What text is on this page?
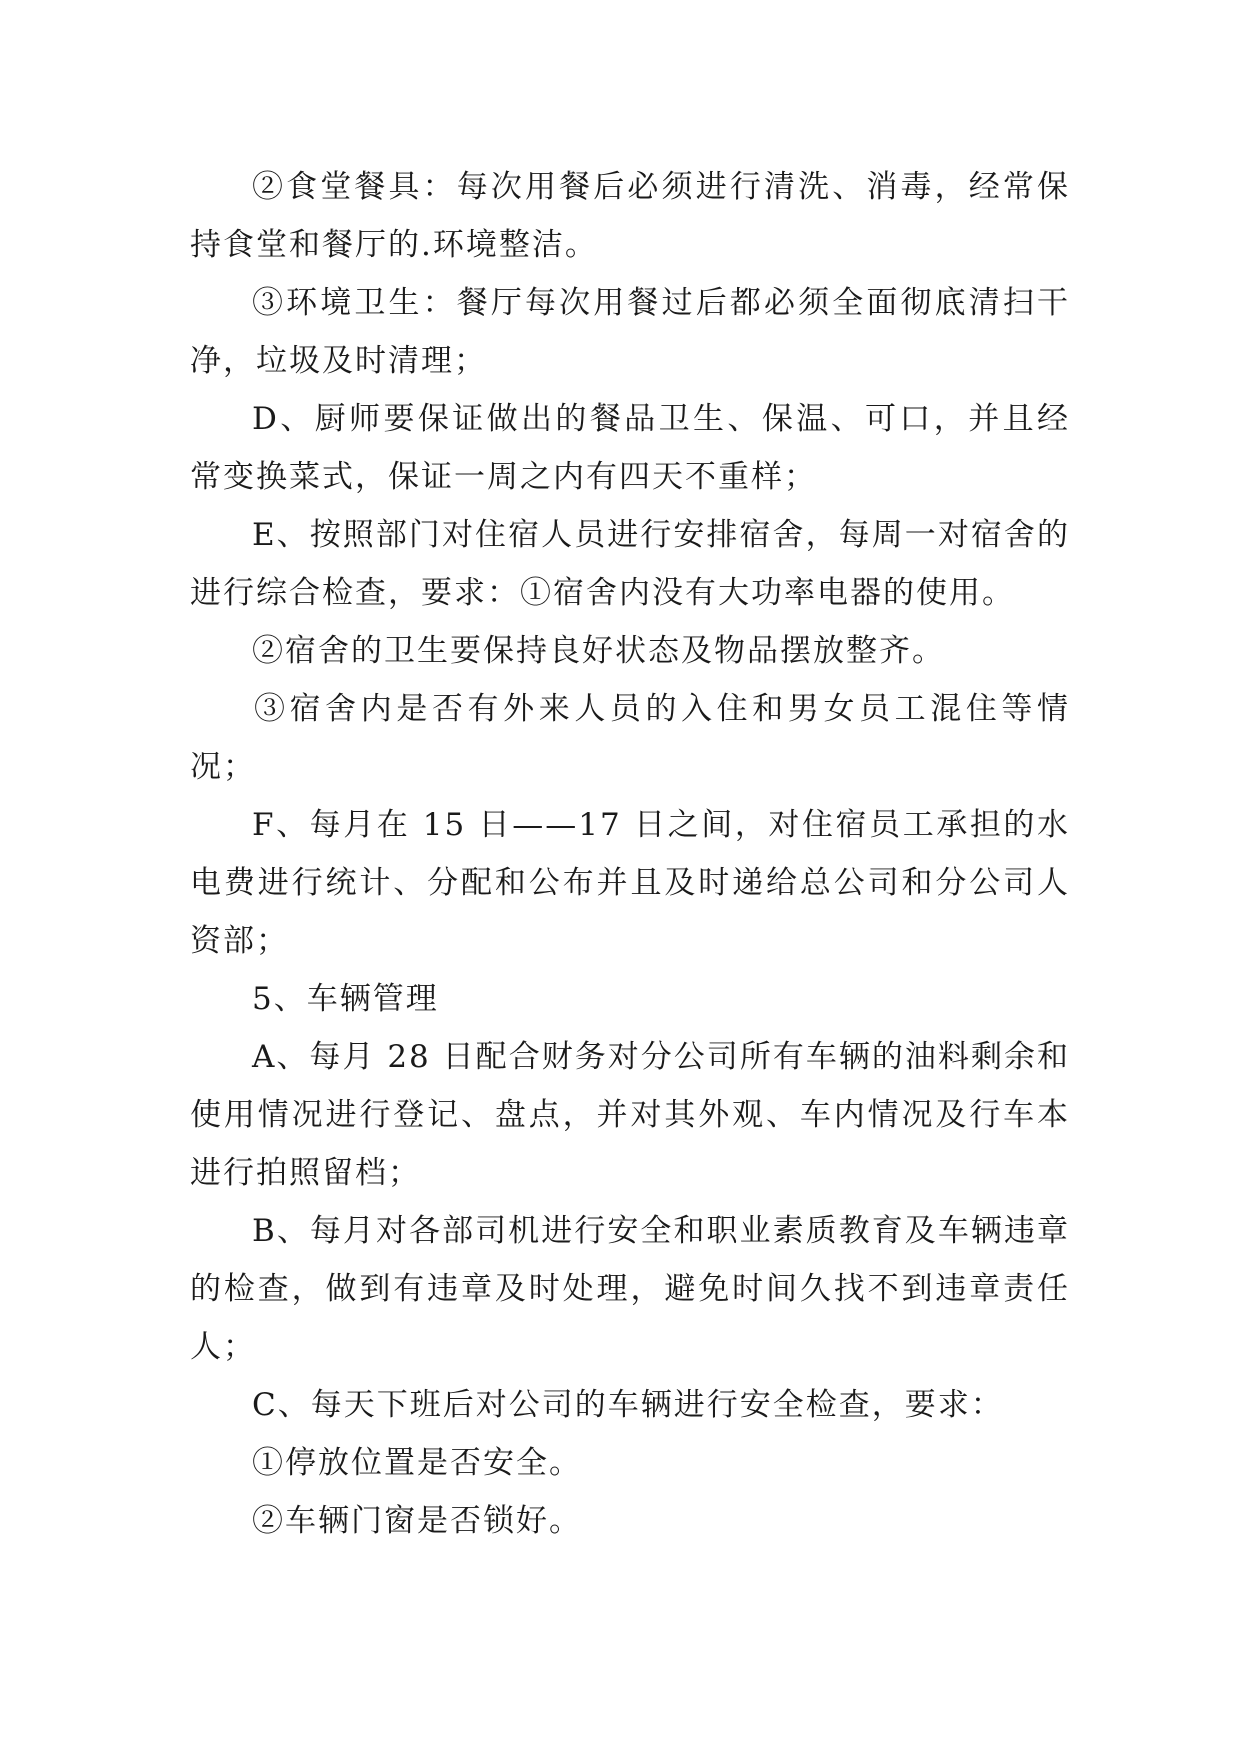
②食堂餐具：每次用餐后必须进行清洗、消毒，经常保持食堂和餐厅的.环境整洁。

③环境卫生：餐厅每次用餐过后都必须全面彻底清扫干净，垃圾及时清理；

D、厨师要保证做出的餐品卫生、保温、可口，并且经常变换菜式，保证一周之内有四天不重样；

E、按照部门对住宿人员进行安排宿舍，每周一对宿舍的进行综合检查，要求：①宿舍内没有大功率电器的使用。

②宿舍的卫生要保持良好状态及物品摆放整齐。

③宿舍内是否有外来人员的入住和男女员工混住等情况；

F、每月在 15 日——17 日之间，对住宿员工承担的水电费进行统计、分配和公布并且及时递给总公司和分公司人资部；

5、车辆管理

A、每月 28 日配合财务对分公司所有车辆的油料剩余和使用情况进行登记、盘点，并对其外观、车内情况及行车本进行拍照留档；

B、每月对各部司机进行安全和职业素质教育及车辆违章的检查，做到有违章及时处理，避免时间久找不到违章责任人；

C、每天下班后对公司的车辆进行安全检查，要求：

①停放位置是否安全。

②车辆门窗是否锁好。
